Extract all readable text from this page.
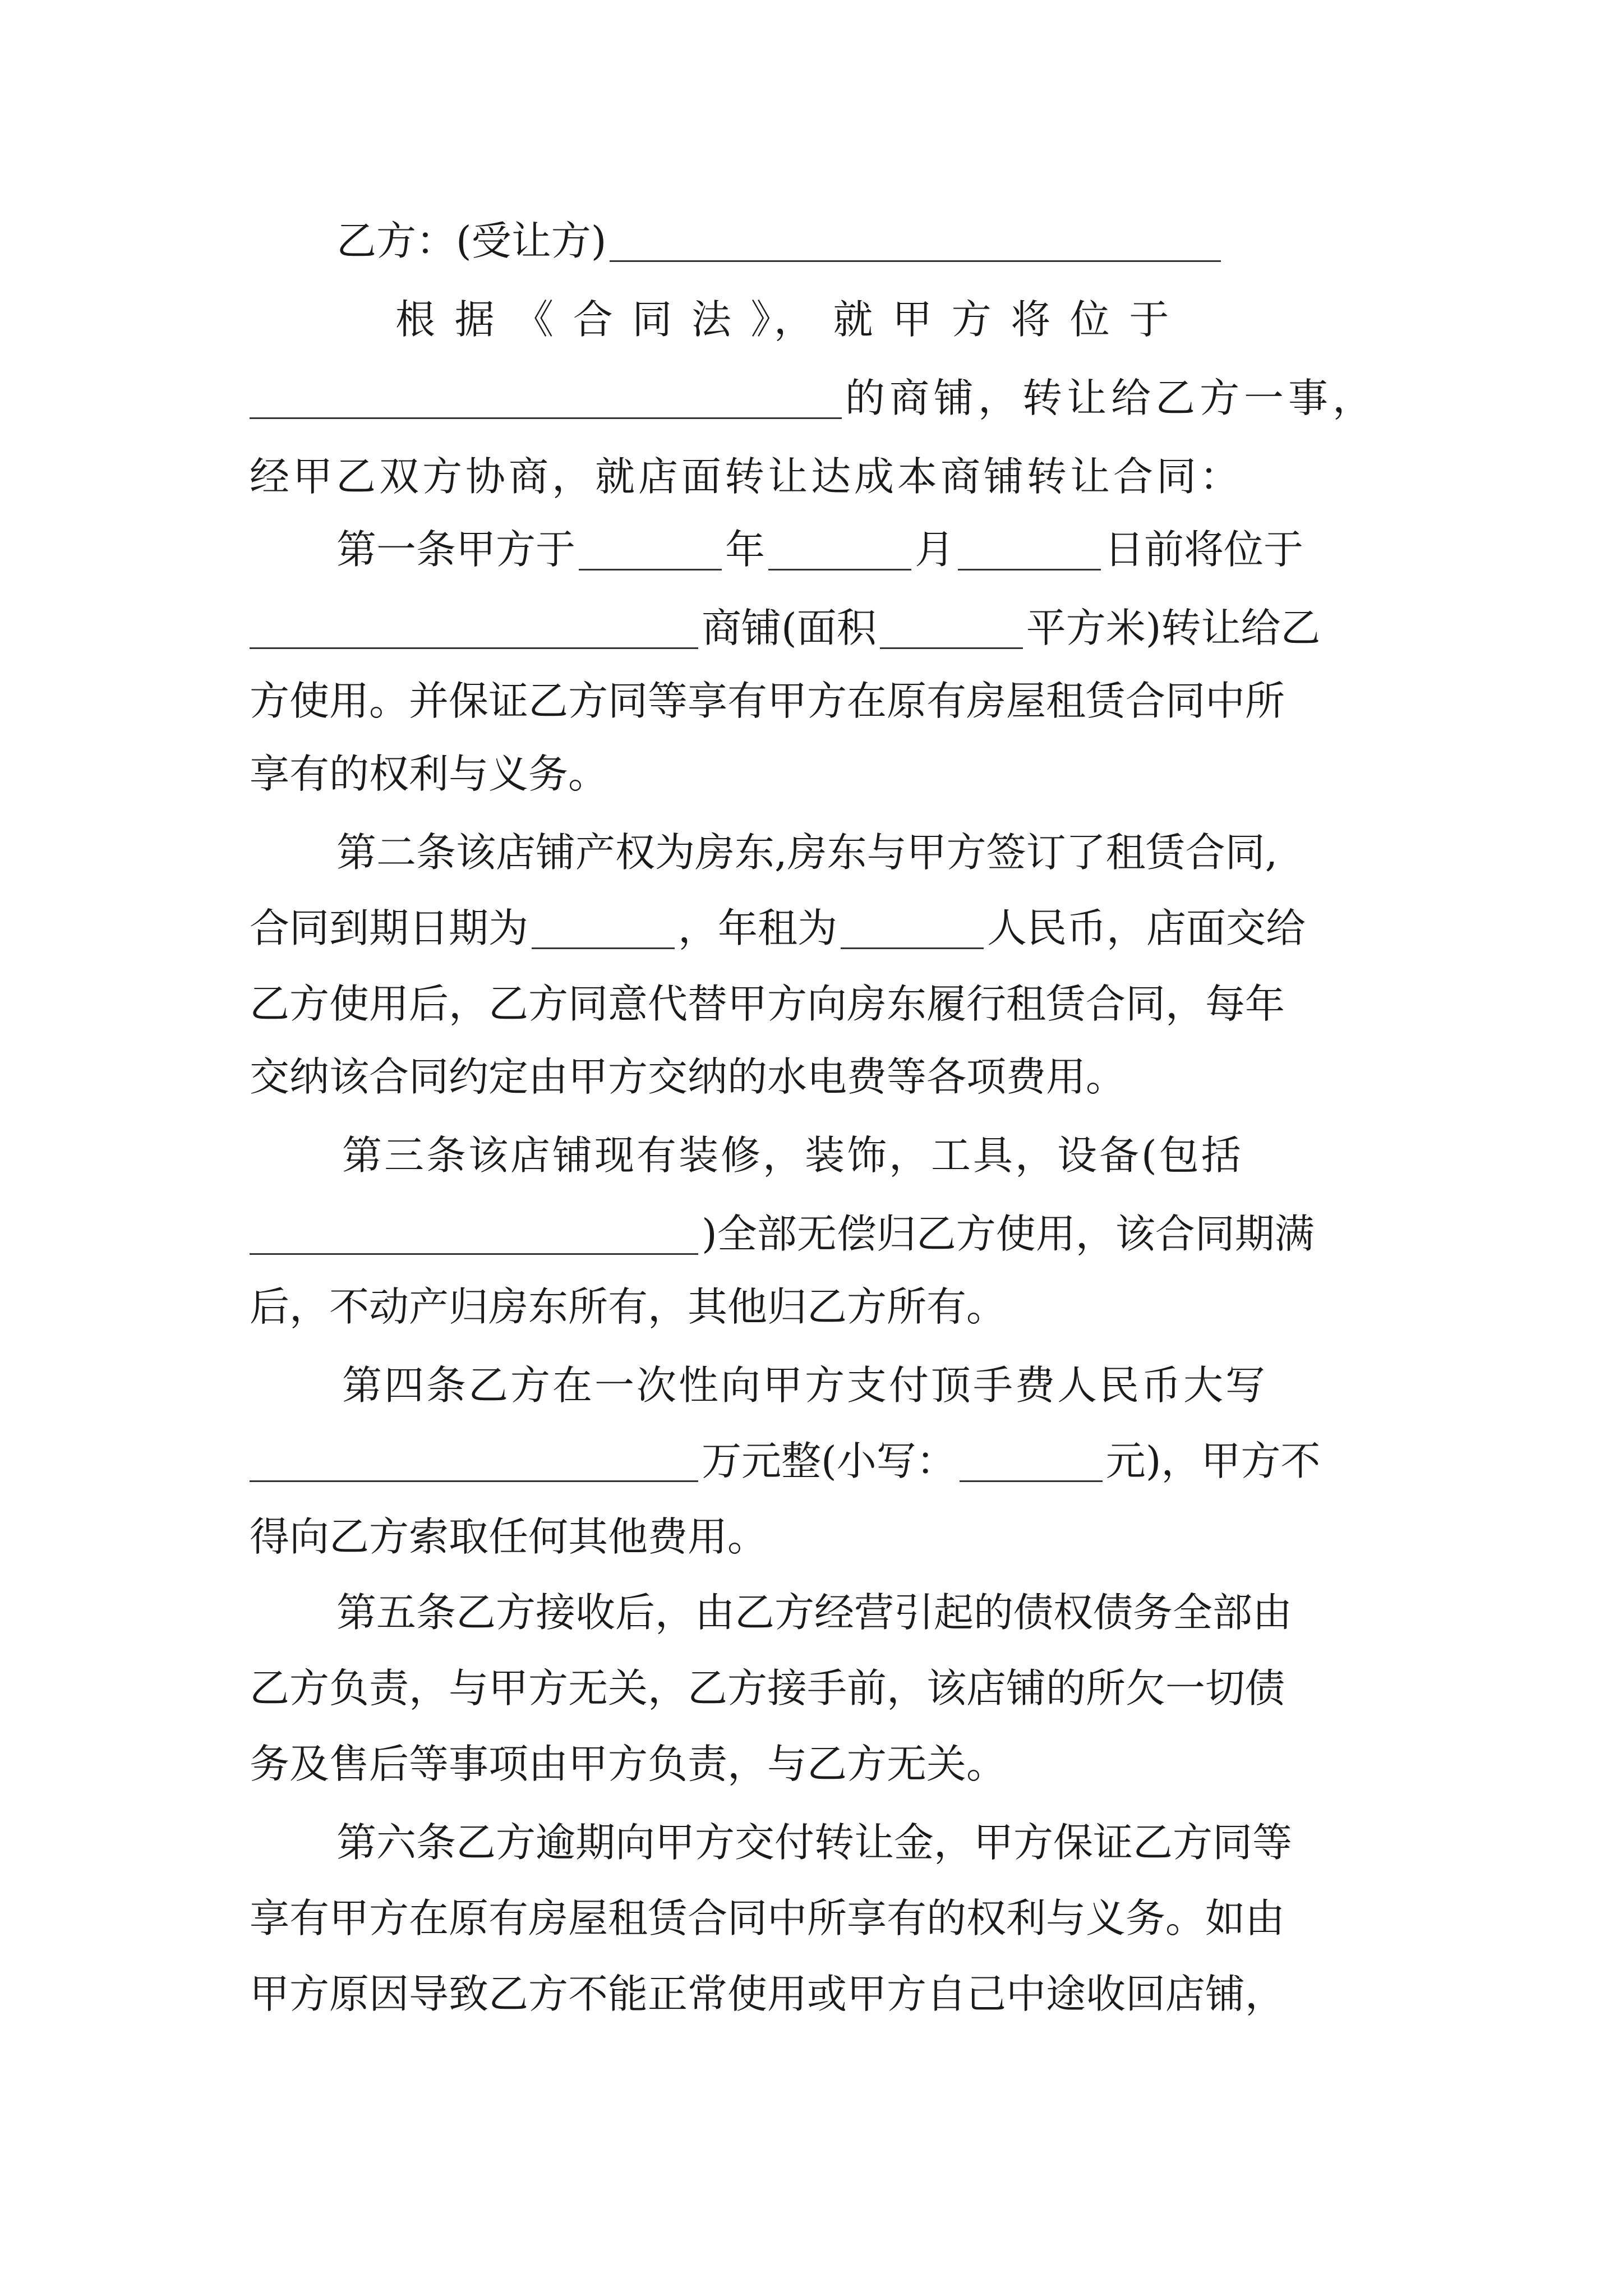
乙方：(受让方)
根 据 《 合 同 法 》， 就 甲 方 将 位 于
的商铺，转让给乙方一事，
经甲乙双方协商，就店面转让达成本商铺转让合同：
第一条甲方于	年	月	日前将位于
商铺(面积	平方米)转让给乙
方使用。并保证乙方同等享有甲方在原有房屋租赁合同中所
享有的权利与义务。
第二条该店铺产权为房东,房东与甲方签订了租赁合同,
合同到期日期为	，年租为	人民币，店面交给
乙方使用后，乙方同意代替甲方向房东履行租赁合同，每年
交纳该合同约定由甲方交纳的水电费等各项费用。
第三条该店铺现有装修，装饰，工具，设备(包括
)全部无偿归乙方使用，该合同期满
后，不动产归房东所有，其他归乙方所有。
第四条乙方在一次性向甲方支付顶手费人民币大写
万元整(小写：	元)，甲方不
得向乙方索取任何其他费用。
第五条乙方接收后，由乙方经营引起的债权债务全部由
乙方负责，与甲方无关，乙方接手前，该店铺的所欠一切债
务及售后等事项由甲方负责，与乙方无关。
第六条乙方逾期向甲方交付转让金，甲方保证乙方同等
享有甲方在原有房屋租赁合同中所享有的权利与义务。如由
甲方原因导致乙方不能正常使用或甲方自己中途收回店铺，
